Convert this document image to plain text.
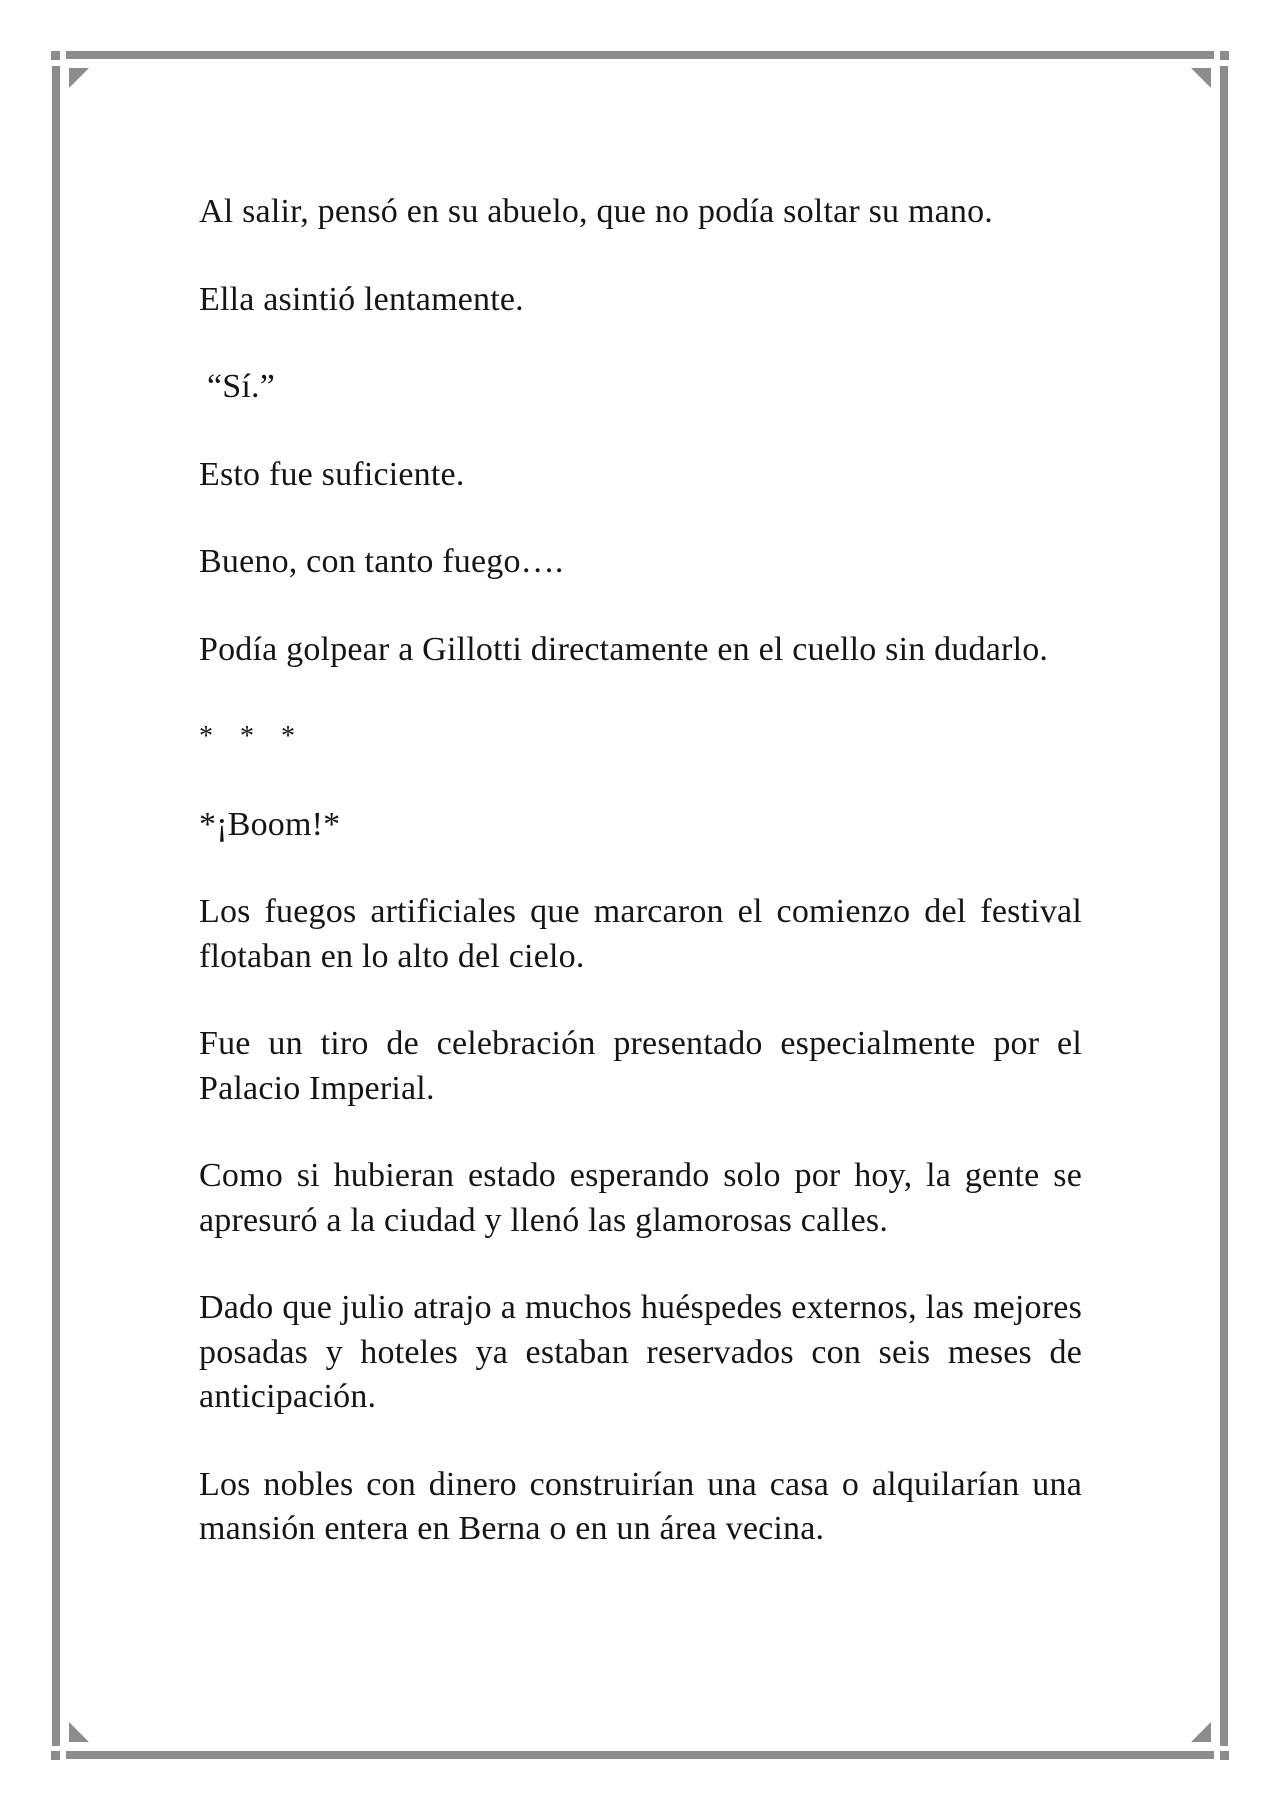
Al salir, pensó en su abuelo, que no podía soltar su mano.

Ella asintió lentamente.

“Sí.”

Esto fue suficiente.

Bueno, con tanto fuego….

Podía golpear a Gillotti directamente en el cuello sin dudarlo.

* * *

*¡Boom!*

Los fuegos artificiales que marcaron el comienzo del festival flotaban en lo alto del cielo.

Fue un tiro de celebración presentado especialmente por el Palacio Imperial.

Como si hubieran estado esperando solo por hoy, la gente se apresuró a la ciudad y llenó las glamorosas calles.

Dado que julio atrajo a muchos huéspedes externos, las mejores posadas y hoteles ya estaban reservados con seis meses de anticipación.

Los nobles con dinero construirían una casa o alquilarían una mansión entera en Berna o en un área vecina.
